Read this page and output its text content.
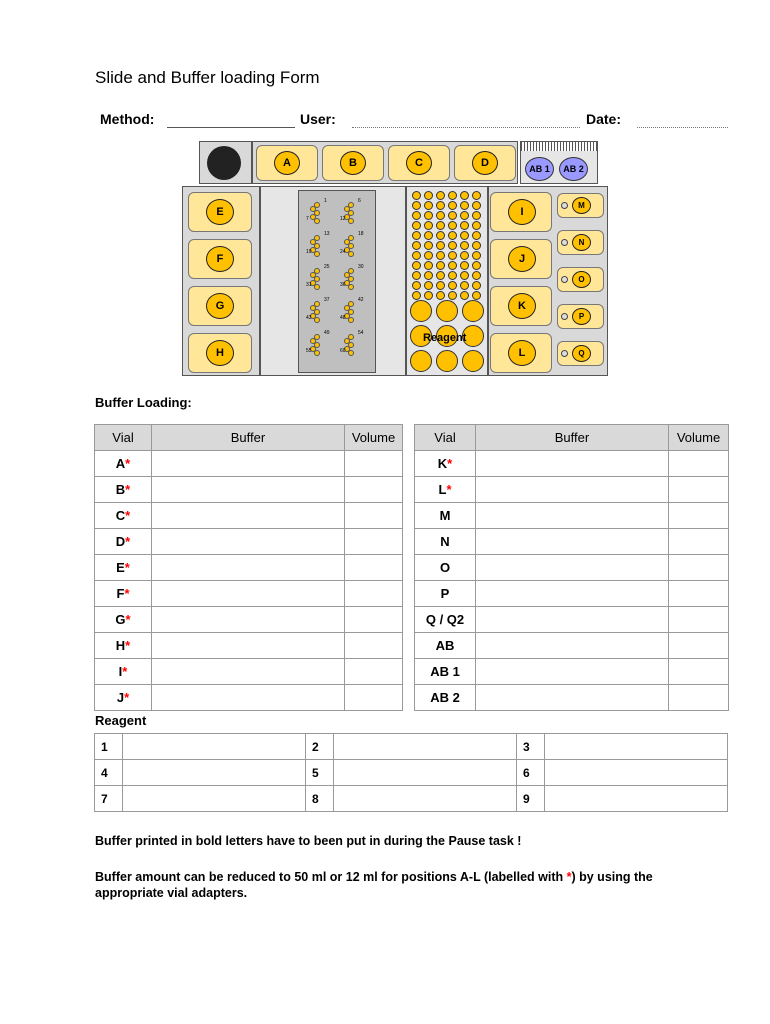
Slide and Buffer loading Form
Method:	User:	Date:
A	B	C	D	AB 1	AB 2
E
F
G
H
1
7
6
12
13
19
18
24
25
31
30
36
37
43
42
48
49
55
54
60
Reagent
I
J
K
L
M
N
O
P
Q
Buffer Loading:
Vial	Buffer	Volume
A*		
B*		
C*		
D*		
E*		
F*		
G*		
H*		
I*		
J*		
Vial	Buffer	Volume
K*		
L*		
M		
N		
O		
P		
Q / Q2		
AB		
AB 1		
AB 2		
Reagent
1		2		3	
4		5		6	
7		8		9	
Buffer printed in bold letters have to been put in during the Pause task !
Buffer amount can be reduced to 50 ml or 12 ml for positions A-L (labelled with *) by using the appropriate vial adapters.
